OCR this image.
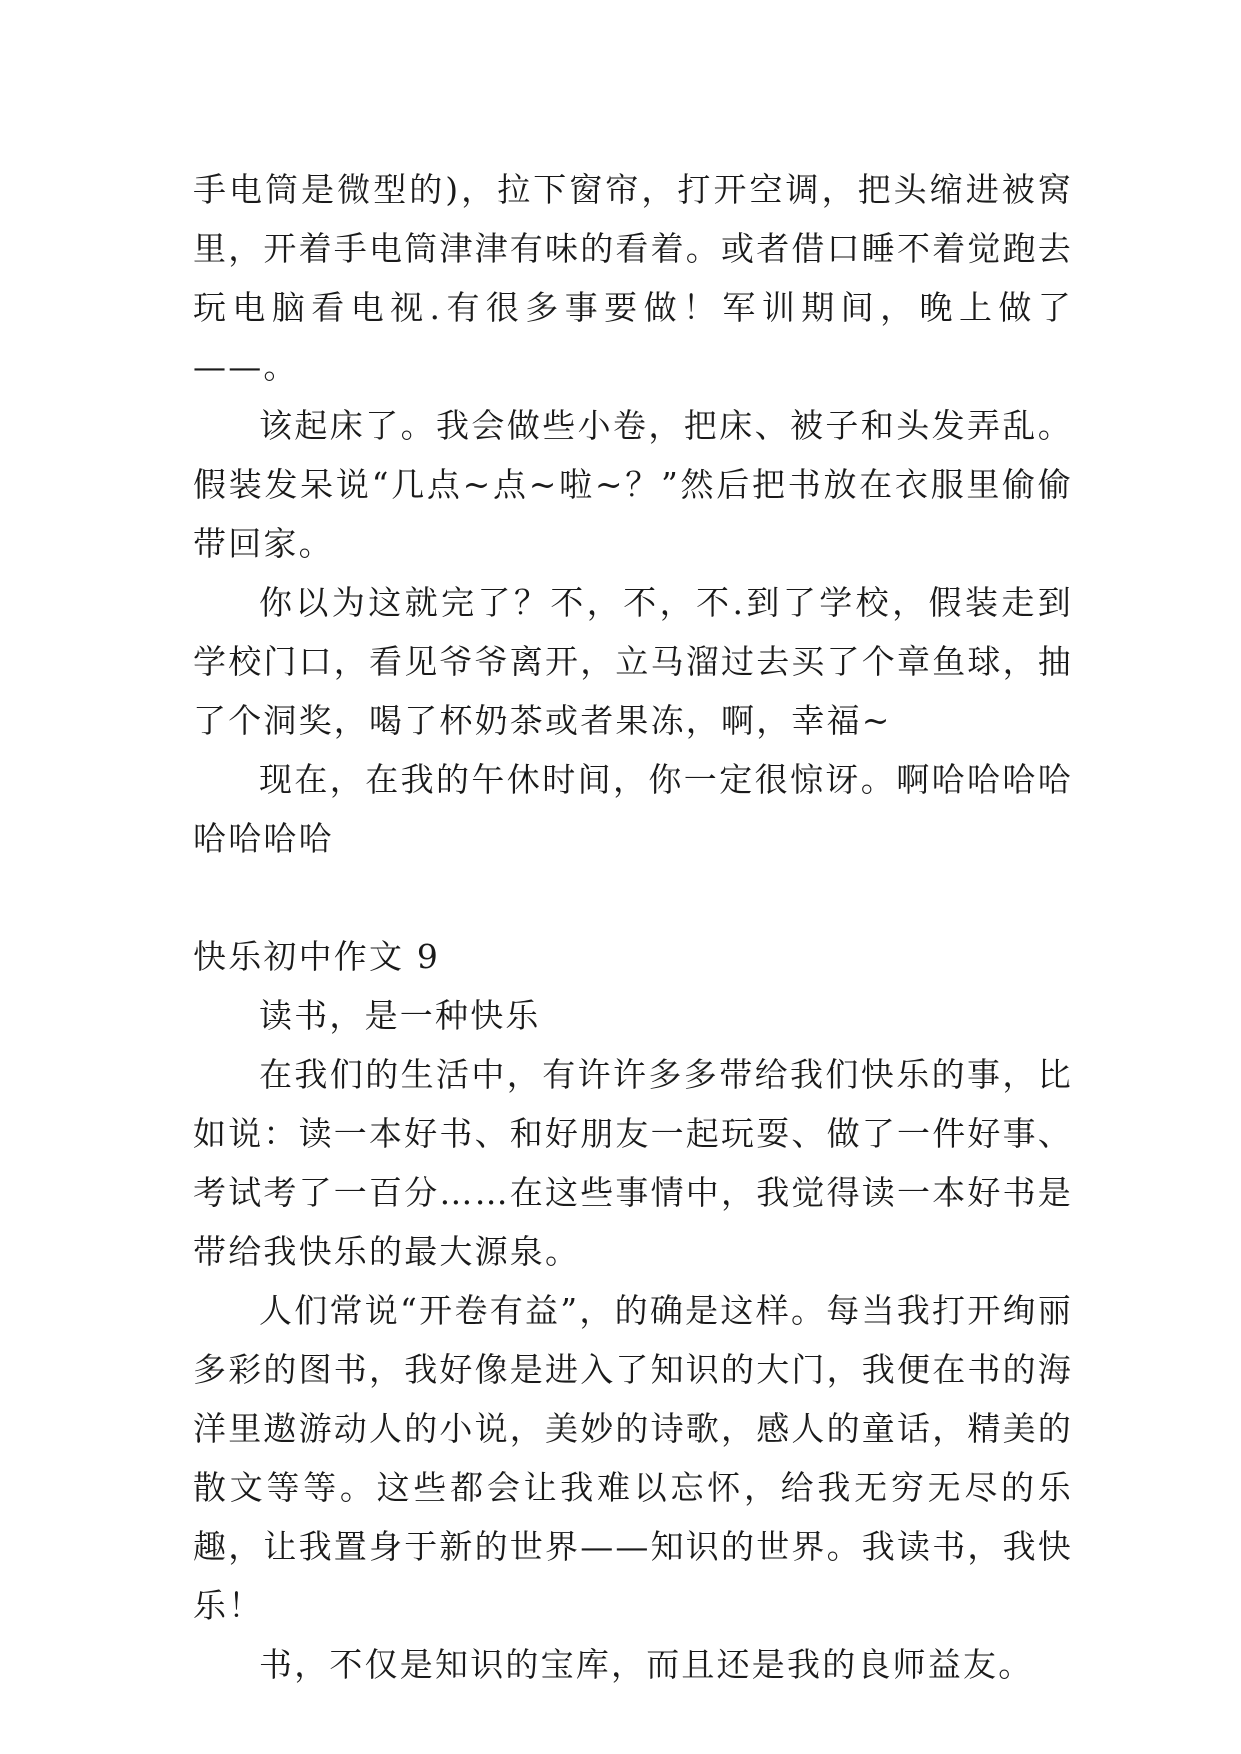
手电筒是微型的)，拉下窗帘，打开空调，把头缩进被窝里，开着手电筒津津有味的看着。或者借口睡不着觉跑去玩电脑看电视.有很多事要做！军训期间，晚上做了——。

该起床了。我会做些小卷，把床、被子和头发弄乱。假装发呆说“几点~点~啦~？”然后把书放在衣服里偷偷带回家。

你以为这就完了？不，不，不.到了学校，假装走到学校门口，看见爷爷离开，立马溜过去买了个章鱼球，抽了个洞奖，喝了杯奶茶或者果冻，啊，幸福~

现在，在我的午休时间，你一定很惊讶。啊哈哈哈哈哈哈哈哈

快乐初中作文 9

读书，是一种快乐

在我们的生活中，有许许多多带给我们快乐的事，比如说：读一本好书、和好朋友一起玩耍、做了一件好事、考试考了一百分……在这些事情中，我觉得读一本好书是带给我快乐的最大源泉。

人们常说“开卷有益”，的确是这样。每当我打开绚丽多彩的图书，我好像是进入了知识的大门，我便在书的海洋里遨游动人的小说，美妙的诗歌，感人的童话，精美的散文等等。这些都会让我难以忘怀，给我无穷无尽的乐趣，让我置身于新的世界——知识的世界。我读书，我快乐！

书，不仅是知识的宝库，而且还是我的良师益友。
